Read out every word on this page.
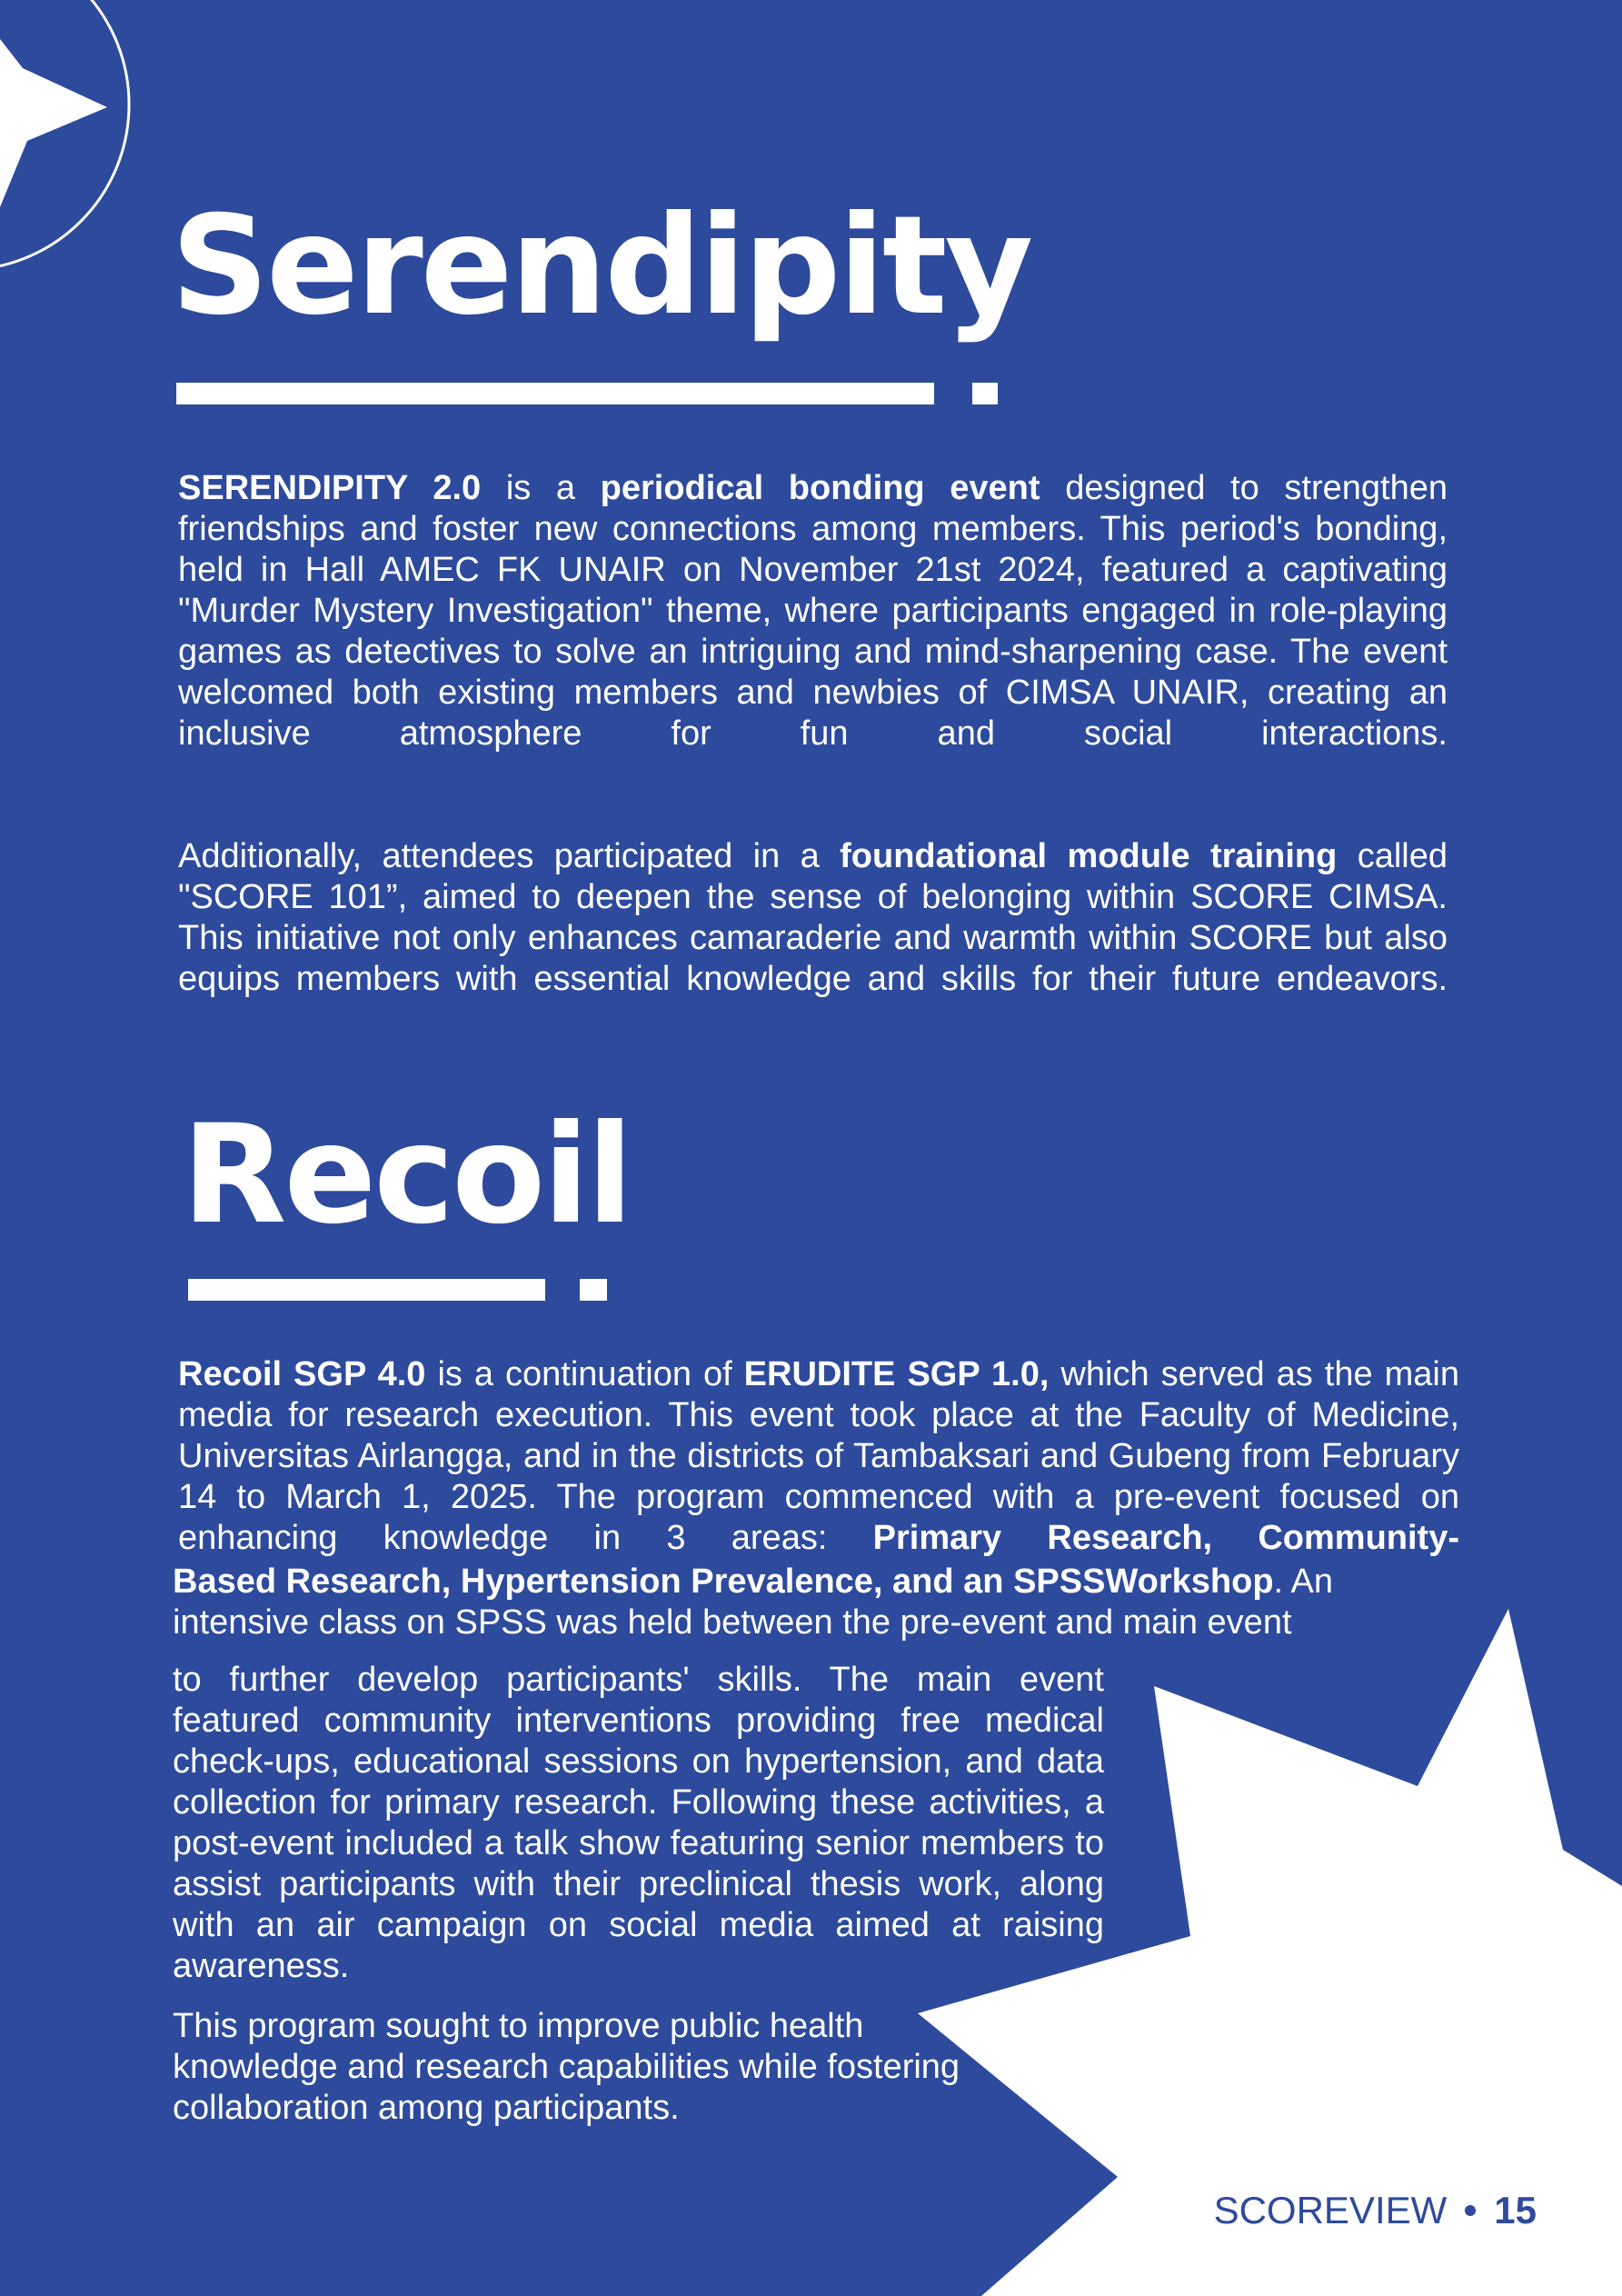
Serendipity

SERENDIPITY 2.0 is a periodical bonding event designed to strengthen friendships and foster new connections among members. This period's bonding, held in Hall AMEC FK UNAIR on November 21st 2024, featured a captivating "Murder Mystery Investigation" theme, where participants engaged in role-playing games as detectives to solve an intriguing and mind-sharpening case. The event welcomed both existing members and newbies of CIMSA UNAIR, creating an inclusive atmosphere for fun and social interactions.

Additionally, attendees participated in a foundational module training called "SCORE 101”, aimed to deepen the sense of belonging within SCORE CIMSA. This initiative not only enhances camaraderie and warmth within SCORE but also equips members with essential knowledge and skills for their future endeavors.

Recoil

Recoil SGP 4.0 is a continuation of ERUDITE SGP 1.0, which served as the main media for research execution. This event took place at the Faculty of Medicine, Universitas Airlangga, and in the districts of Tambaksari and Gubeng from February 14 to March 1, 2025. The program commenced with a pre-event focused on enhancing knowledge in 3 areas: Primary Research, Community-

Based Research, Hypertension Prevalence, and an SPSSWorkshop. An intensive class on SPSS was held between the pre-event and main event

to further develop participants' skills. The main event featured community interventions providing free medical check-ups, educational sessions on hypertension, and data collection for primary research. Following these activities, a post-event included a talk show featuring senior members to assist participants with their preclinical thesis work, along with an air campaign on social media aimed at raising awareness.

This program sought to improve public health knowledge and research capabilities while fostering collaboration among participants.

SCOREVIEW 15
